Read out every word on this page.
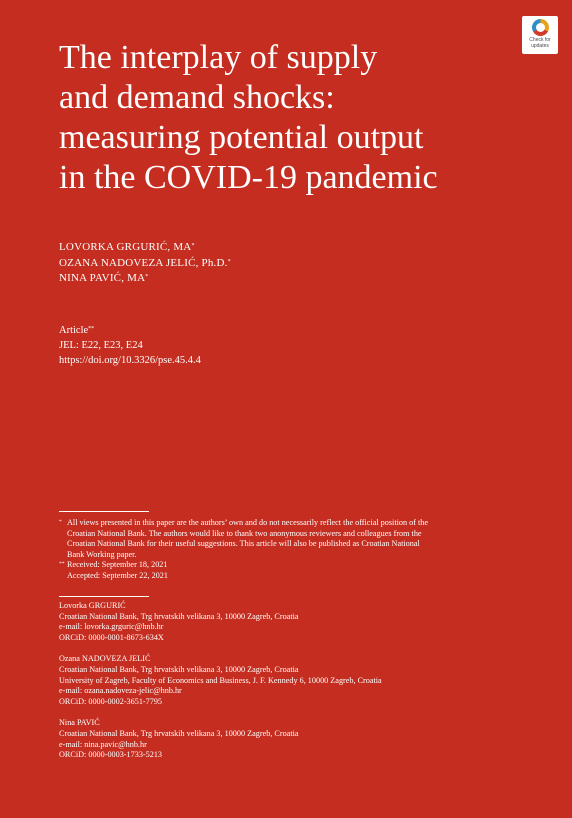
Check for
updates
The interplay of supply
and demand shocks:
measuring potential output
in the COVID-19 pandemic
LOVORKA GRGURIĆ, MA*
OZANA NADOVEZA JELIĆ, Ph.D.*
NINA PAVIĆ, MA*
Article**
JEL: E22, E23, E24
https://doi.org/10.3326/pse.45.4.4
* All views presented in this paper are the authors’ own and do not necessarily reflect the official position of the
Croatian National Bank. The authors would like to thank two anonymous reviewers and colleagues from the
Croatian National Bank for their useful suggestions. This article will also be published as Croatian National
Bank Working paper.
** Received: September 18, 2021
Accepted: September 22, 2021
Lovorka GRGURIĆ
Croatian National Bank, Trg hrvatskih velikana 3, 10000 Zagreb, Croatia
e-mail: lovorka.grguric@hnb.hr
ORCiD: 0000-0001-8673-634X
Ozana NADOVEZA JELIĆ
Croatian National Bank, Trg hrvatskih velikana 3, 10000 Zagreb, Croatia
University of Zagreb, Faculty of Economics and Business, J. F. Kennedy 6, 10000 Zagreb, Croatia
e-mail: ozana.nadoveza-jelic@hnb.hr
ORCiD: 0000-0002-3651-7795
Nina PAVIĆ
Croatian National Bank, Trg hrvatskih velikana 3, 10000 Zagreb, Croatia
e-mail: nina.pavic@hnb.hr
ORCiD: 0000-0003-1733-5213
